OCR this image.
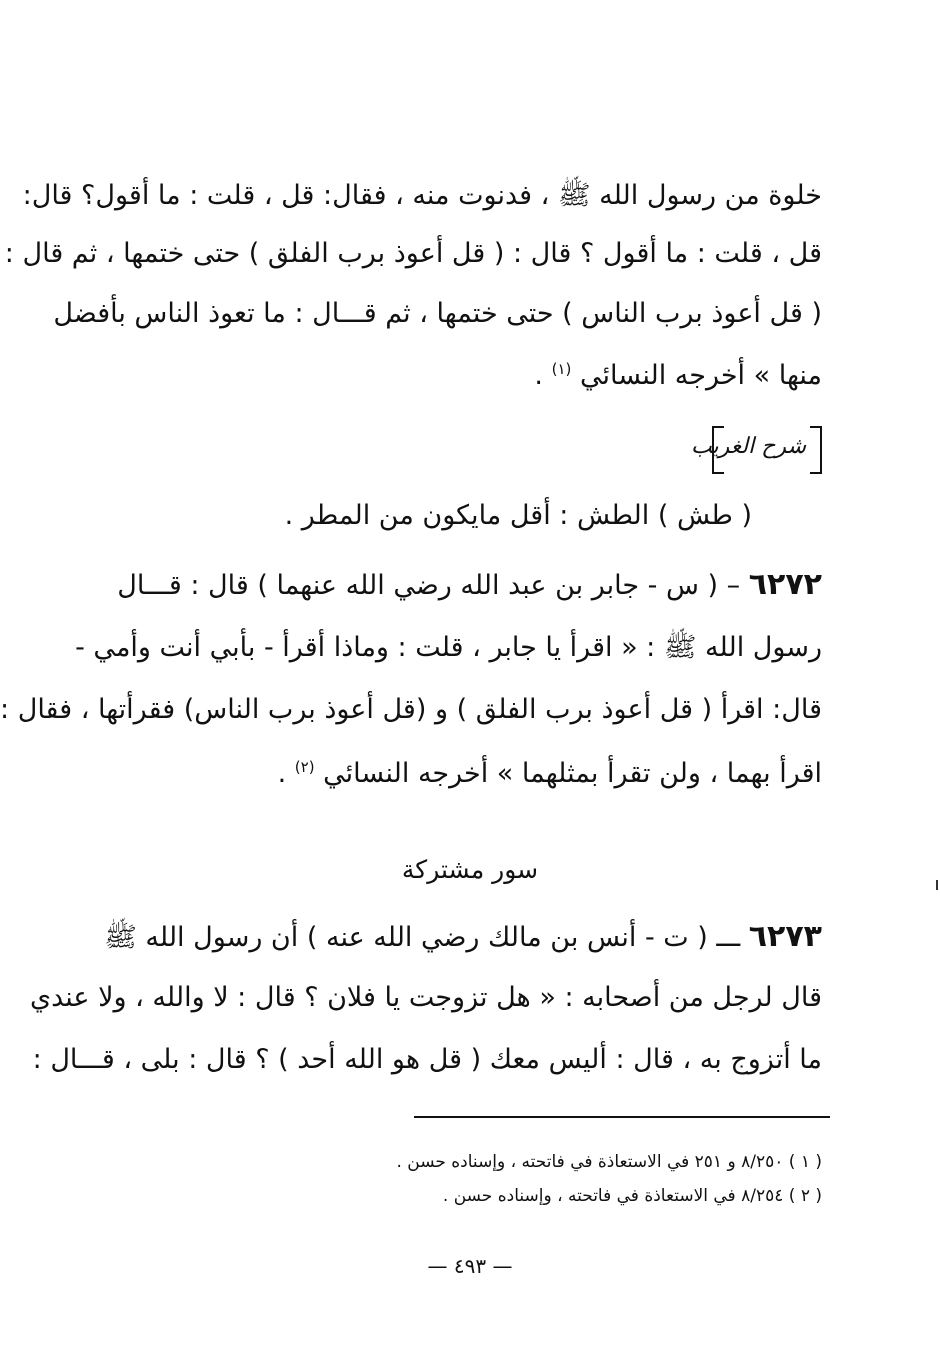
خلوة من رسول الله ﷺ ، فدنوت منه ، فقال: قل ، قلت : ما أقول؟ قال:
قل ، قلت : ما أقول ؟ قال : ( قل أعوذ برب الفلق ) حتى ختمها ، ثم قال :
( قل أعوذ برب الناس ) حتى ختمها ، ثم قـــال : ما تعوذ الناس بأفضل
منها » أخرجه النسائي $^{(١)}$ .
شرح الغريب
( طش ) الطش : أقل مايكون من المطر .
٦٢٧٢ – ( س - جابر بن عبد الله رضي الله عنهما ) قال : قـــال
رسول الله ﷺ : « اقرأ يا جابر ، قلت : وماذا أقرأ - بأبي أنت وأمي -
قال: اقرأ ( قل أعوذ برب الفلق ) و (قل أعوذ برب الناس) فقرأتها ، فقال :
اقرأ بهما ، ولن تقرأ بمثلهما » أخرجه النسائي $^{(٢)}$ .
سور مشتركة
٦٢٧٣ ـــ ( ت - أنس بن مالك رضي الله عنه ) أن رسول الله ﷺ
قال لرجل من أصحابه : « هل تزوجت يا فلان ؟ قال : لا والله ، ولا عندي
ما أتزوج به ، قال : أليس معك ( قل هو الله أحد ) ؟ قال : بلى ، قـــال :
( ١ ) ٨/٢٥٠ و ٢٥١ في الاستعاذة في فاتحته ، وإسناده حسن .
( ٢ ) ٨/٢٥٤ في الاستعاذة في فاتحته ، وإسناده حسن .
— ٤٩٣ —
